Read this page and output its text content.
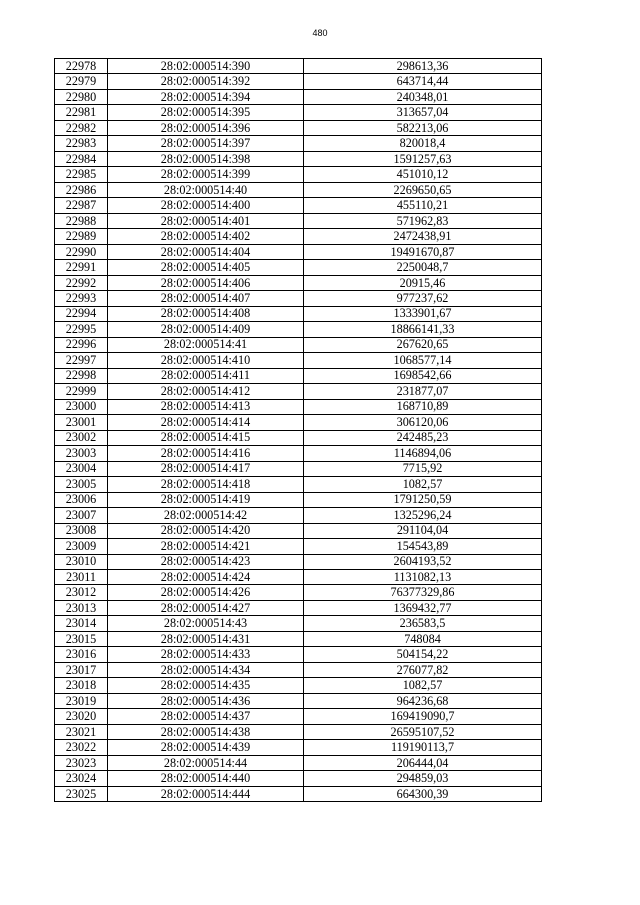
480
22978	28:02:000514:390	298613,36
22979	28:02:000514:392	643714,44
22980	28:02:000514:394	240348,01
22981	28:02:000514:395	313657,04
22982	28:02:000514:396	582213,06
22983	28:02:000514:397	820018,4
22984	28:02:000514:398	1591257,63
22985	28:02:000514:399	451010,12
22986	28:02:000514:40	2269650,65
22987	28:02:000514:400	455110,21
22988	28:02:000514:401	571962,83
22989	28:02:000514:402	2472438,91
22990	28:02:000514:404	19491670,87
22991	28:02:000514:405	2250048,7
22992	28:02:000514:406	20915,46
22993	28:02:000514:407	977237,62
22994	28:02:000514:408	1333901,67
22995	28:02:000514:409	18866141,33
22996	28:02:000514:41	267620,65
22997	28:02:000514:410	1068577,14
22998	28:02:000514:411	1698542,66
22999	28:02:000514:412	231877,07
23000	28:02:000514:413	168710,89
23001	28:02:000514:414	306120,06
23002	28:02:000514:415	242485,23
23003	28:02:000514:416	1146894,06
23004	28:02:000514:417	7715,92
23005	28:02:000514:418	1082,57
23006	28:02:000514:419	1791250,59
23007	28:02:000514:42	1325296,24
23008	28:02:000514:420	291104,04
23009	28:02:000514:421	154543,89
23010	28:02:000514:423	2604193,52
23011	28:02:000514:424	1131082,13
23012	28:02:000514:426	76377329,86
23013	28:02:000514:427	1369432,77
23014	28:02:000514:43	236583,5
23015	28:02:000514:431	748084
23016	28:02:000514:433	504154,22
23017	28:02:000514:434	276077,82
23018	28:02:000514:435	1082,57
23019	28:02:000514:436	964236,68
23020	28:02:000514:437	169419090,7
23021	28:02:000514:438	26595107,52
23022	28:02:000514:439	119190113,7
23023	28:02:000514:44	206444,04
23024	28:02:000514:440	294859,03
23025	28:02:000514:444	664300,39
